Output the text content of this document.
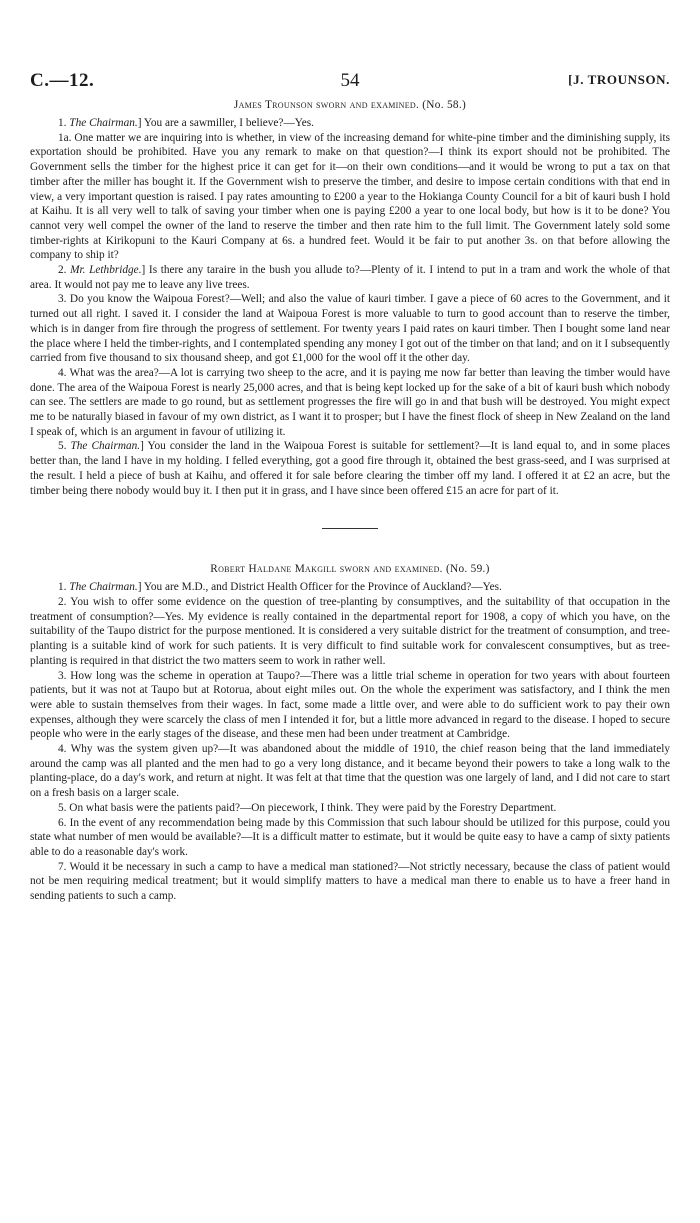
C.—12.	54	[J. TROUNSON.
James Trounson sworn and examined. (No. 58.)

1. The Chairman.] You are a sawmiller, I believe?—Yes.

1a. One matter we are inquiring into is whether, in view of the increasing demand for white-pine timber and the diminishing supply, its exportation should be prohibited. Have you any remark to make on that question?—I think its export should not be prohibited. The Government sells the timber for the highest price it can get for it—on their own conditions—and it would be wrong to put a tax on that timber after the miller has bought it. If the Government wish to preserve the timber, and desire to impose certain conditions with that end in view, a very important question is raised. I pay rates amounting to £200 a year to the Hokianga County Council for a bit of kauri bush I hold at Kaihu. It is all very well to talk of saving your timber when one is paying £200 a year to one local body, but how is it to be done? You cannot very well compel the owner of the land to reserve the timber and then rate him to the full limit. The Government lately sold some timber-rights at Kirikopuni to the Kauri Company at 6s. a hundred feet. Would it be fair to put another 3s. on that before allowing the company to ship it?

2. Mr. Lethbridge.] Is there any taraire in the bush you allude to?—Plenty of it. I intend to put in a tram and work the whole of that area. It would not pay me to leave any live trees.

3. Do you know the Waipoua Forest?—Well; and also the value of kauri timber. I gave a piece of 60 acres to the Government, and it turned out all right. I saved it. I consider the land at Waipoua Forest is more valuable to turn to good account than to reserve the timber, which is in danger from fire through the progress of settlement. For twenty years I paid rates on kauri timber. Then I bought some land near the place where I held the timber-rights, and I contemplated spending any money I got out of the timber on that land; and on it I subsequently carried from five thousand to six thousand sheep, and got £1,000 for the wool off it the other day.

4. What was the area?—A lot is carrying two sheep to the acre, and it is paying me now far better than leaving the timber would have done. The area of the Waipoua Forest is nearly 25,000 acres, and that is being kept locked up for the sake of a bit of kauri bush which nobody can see. The settlers are made to go round, but as settlement progresses the fire will go in and that bush will be destroyed. You might expect me to be naturally biased in favour of my own district, as I want it to prosper; but I have the finest flock of sheep in New Zealand on the land I speak of, which is an argument in favour of utilizing it.

5. The Chairman.] You consider the land in the Waipoua Forest is suitable for settlement?—It is land equal to, and in some places better than, the land I have in my holding. I felled everything, got a good fire through it, obtained the best grass-seed, and I was surprised at the result. I held a piece of bush at Kaihu, and offered it for sale before clearing the timber off my land. I offered it at £2 an acre, but the timber being there nobody would buy it. I then put it in grass, and I have since been offered £15 an acre for part of it.

Robert Haldane Makgill sworn and examined. (No. 59.)

1. The Chairman.] You are M.D., and District Health Officer for the Province of Auckland?—Yes.

2. You wish to offer some evidence on the question of tree-planting by consumptives, and the suitability of that occupation in the treatment of consumption?—Yes. My evidence is really contained in the departmental report for 1908, a copy of which you have, on the suitability of the Taupo district for the purpose mentioned. It is considered a very suitable district for the treatment of consumption, and tree-planting is a suitable kind of work for such patients. It is very difficult to find suitable work for convalescent consumptives, but as tree-planting is required in that district the two matters seem to work in rather well.

3. How long was the scheme in operation at Taupo?—There was a little trial scheme in operation for two years with about fourteen patients, but it was not at Taupo but at Rotorua, about eight miles out. On the whole the experiment was satisfactory, and I think the men were able to sustain themselves from their wages. In fact, some made a little over, and were able to do sufficient work to pay their own expenses, although they were scarcely the class of men I intended it for, but a little more advanced in regard to the disease. I hoped to secure people who were in the early stages of the disease, and these men had been under treatment at Cambridge.

4. Why was the system given up?—It was abandoned about the middle of 1910, the chief reason being that the land immediately around the camp was all planted and the men had to go a very long distance, and it became beyond their powers to take a long walk to the planting-place, do a day's work, and return at night. It was felt at that time that the question was one largely of land, and I did not care to start on a fresh basis on a larger scale.

5. On what basis were the patients paid?—On piecework, I think. They were paid by the Forestry Department.

6. In the event of any recommendation being made by this Commission that such labour should be utilized for this purpose, could you state what number of men would be available?—It is a difficult matter to estimate, but it would be quite easy to have a camp of sixty patients able to do a reasonable day's work.

7. Would it be necessary in such a camp to have a medical man stationed?—Not strictly necessary, because the class of patient would not be men requiring medical treatment; but it would simplify matters to have a medical man there to enable us to have a freer hand in sending patients to such a camp.
